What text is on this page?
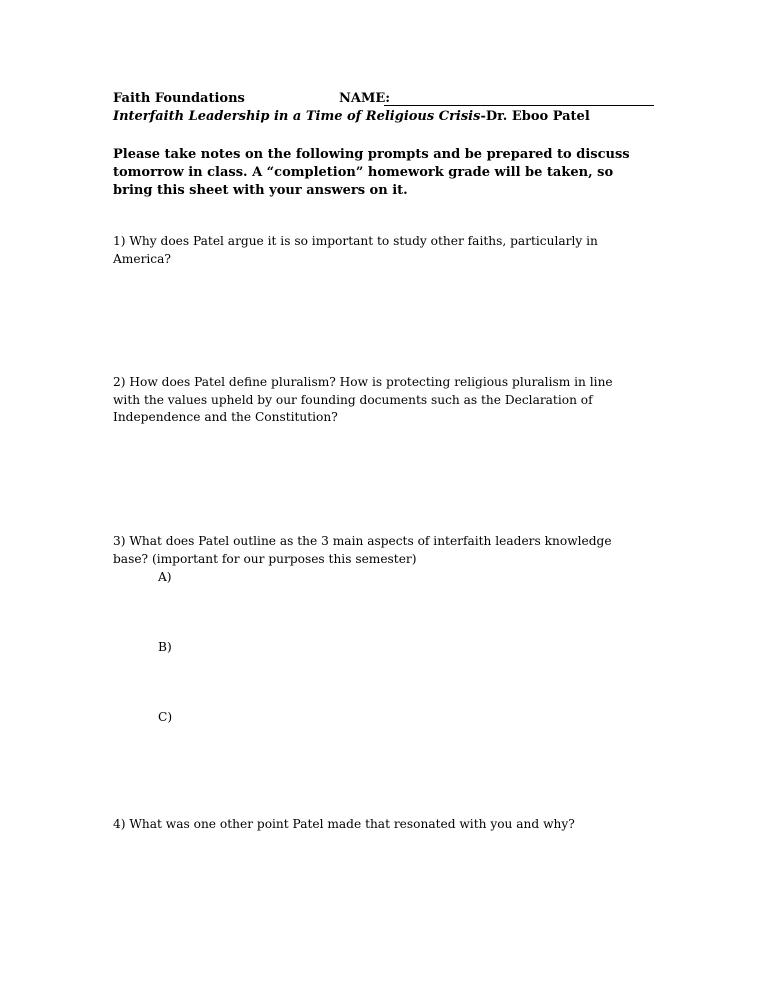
Faith Foundations	NAME:
Interfaith Leadership in a Time of Religious Crisis-Dr. Eboo Patel
Please take notes on the following prompts and be prepared to discuss tomorrow in class. A “completion” homework grade will be taken, so bring this sheet with your answers on it.
1) Why does Patel argue it is so important to study other faiths, particularly in America?
2) How does Patel define pluralism? How is protecting religious pluralism in line with the values upheld by our founding documents such as the Declaration of Independence and the Constitution?
3) What does Patel outline as the 3 main aspects of interfaith leaders knowledge base? (important for our purposes this semester)
A)
B)
C)
4) What was one other point Patel made that resonated with you and why?
